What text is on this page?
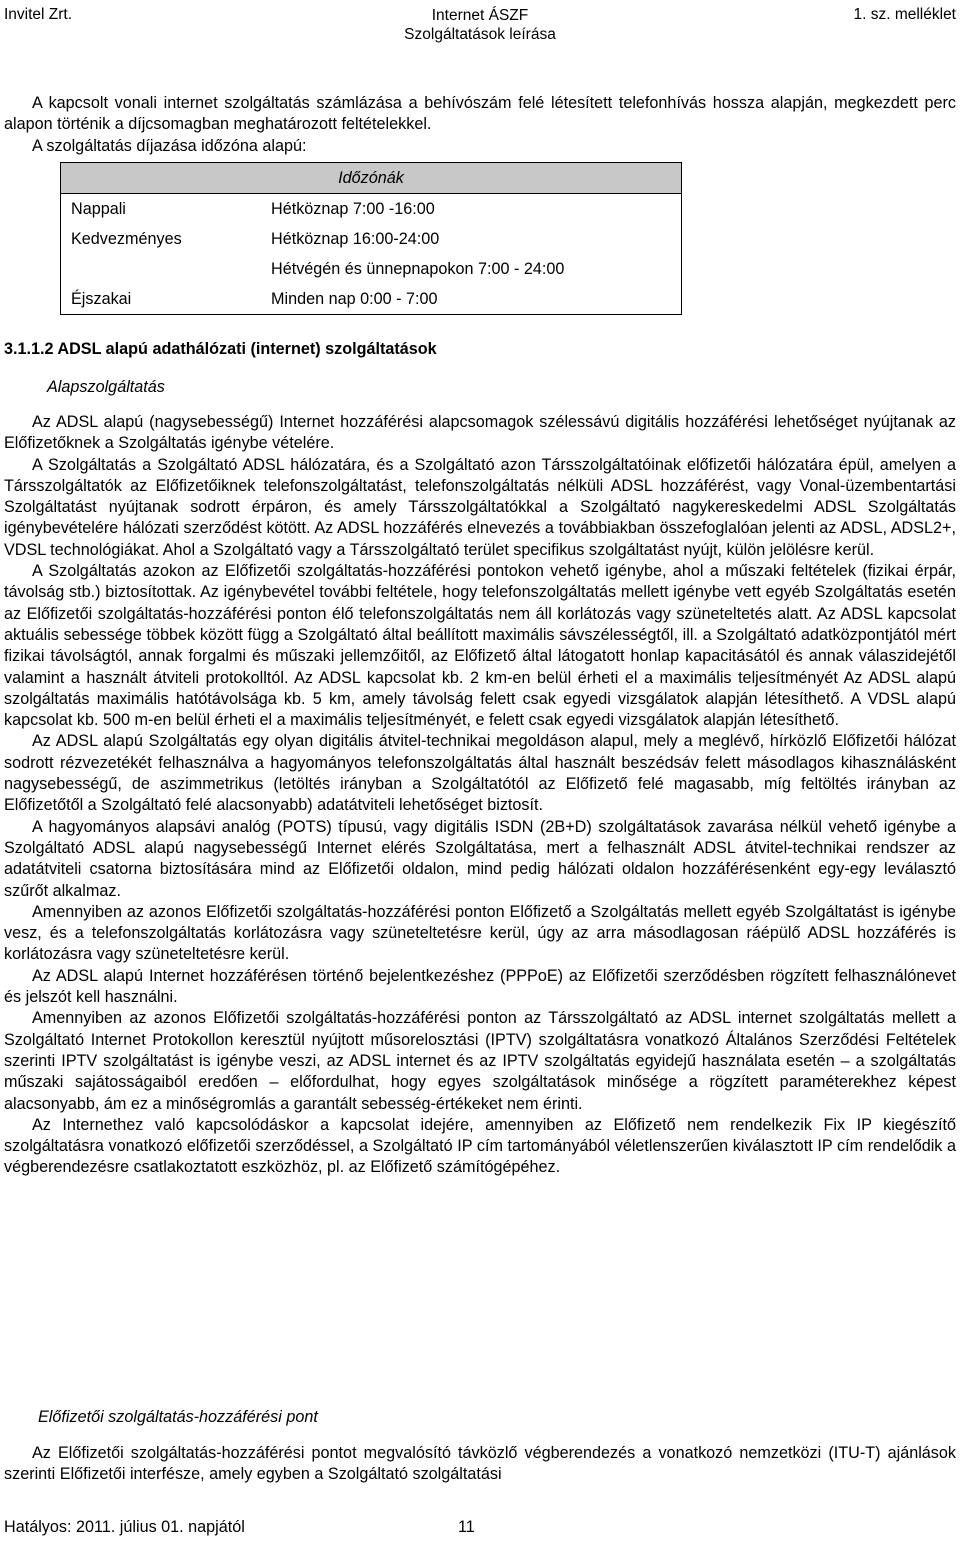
Invitel Zrt.	Internet ÁSZF
Szolgáltatások leírása
1. sz. melléklet

A kapcsolt vonali internet szolgáltatás számlázása a behívószám felé létesített telefonhívás hossza alapján, megkezdett perc alapon történik a díjcsomagban meghatározott feltételekkel.

A szolgáltatás díjazása időzóna alapú:

Időzónák	
Nappali	Hétköznap 7:00 -16:00
Kedvezményes	Hétköznap 16:00-24:00
	Hétvégén és ünnepnapokon 7:00 - 24:00
Éjszakai	Minden nap 0:00 - 7:00
3.1.1.2 ADSL alapú adathálózati (internet) szolgáltatások
Alapszolgáltatás

Az ADSL alapú (nagysebességű) Internet hozzáférési alapcsomagok szélessávú digitális hozzáférési lehetőséget nyújtanak az Előfizetőknek a Szolgáltatás igénybe vételére.

A Szolgáltatás a Szolgáltató ADSL hálózatára, és a Szolgáltató azon Társszolgáltatóinak előfizetői hálózatára épül, amelyen a Társszolgáltatók az Előfizetőiknek telefonszolgáltatást, telefonszolgáltatás nélküli ADSL hozzáférést, vagy Vonal-üzembentartási Szolgáltatást nyújtanak sodrott érpáron, és amely Társszolgáltatókkal a Szolgáltató nagykereskedelmi ADSL Szolgáltatás igénybevételére hálózati szerződést kötött. Az ADSL hozzáférés elnevezés a továbbiakban összefoglalóan jelenti az ADSL, ADSL2+, VDSL technológiákat. Ahol a Szolgáltató vagy a Társszolgáltató terület specifikus szolgáltatást nyújt, külön jelölésre kerül.

A Szolgáltatás azokon az Előfizetői szolgáltatás-hozzáférési pontokon vehető igénybe, ahol a műszaki feltételek (fizikai érpár, távolság stb.) biztosítottak. Az igénybevétel további feltétele, hogy telefonszolgáltatás mellett igénybe vett egyéb Szolgáltatás esetén az Előfizetői szolgáltatás-hozzáférési ponton élő telefonszolgáltatás nem áll korlátozás vagy szüneteltetés alatt. Az ADSL kapcsolat aktuális sebessége többek között függ a Szolgáltató által beállított maximális sávszélességtől, ill. a Szolgáltató adatközpontjától mért fizikai távolságtól, annak forgalmi és műszaki jellemzőitől, az Előfizető által látogatott honlap kapacitásától és annak válaszidejétől valamint a használt átviteli protokolltól. Az ADSL kapcsolat kb. 2 km-en belül érheti el a maximális teljesítményét Az ADSL alapú szolgáltatás maximális hatótávolsága kb. 5 km, amely távolság felett csak egyedi vizsgálatok alapján létesíthető. A VDSL alapú kapcsolat kb. 500 m-en belül érheti el a maximális teljesítményét, e felett csak egyedi vizsgálatok alapján létesíthető.

Az ADSL alapú Szolgáltatás egy olyan digitális átvitel-technikai megoldáson alapul, mely a meglévő, hírközlő Előfizetői hálózat sodrott rézvezetékét felhasználva a hagyományos telefonszolgáltatás által használt beszédsáv felett másodlagos kihasználásként nagysebességű, de aszimmetrikus (letöltés irányban a Szolgáltatótól az Előfizető felé magasabb, míg feltöltés irányban az Előfizetőtől a Szolgáltató felé alacsonyabb) adatátviteli lehetőséget biztosít.

A hagyományos alapsávi analóg (POTS) típusú, vagy digitális ISDN (2B+D) szolgáltatások zavarása nélkül vehető igénybe a Szolgáltató ADSL alapú nagysebességű Internet elérés Szolgáltatása, mert a felhasznált ADSL átvitel-technikai rendszer az adatátviteli csatorna biztosítására mind az Előfizetői oldalon, mind pedig hálózati oldalon hozzáférésenként egy-egy leválasztó szűrőt alkalmaz.

Amennyiben az azonos Előfizetői szolgáltatás-hozzáférési ponton Előfizető a Szolgáltatás mellett egyéb Szolgáltatást is igénybe vesz, és a telefonszolgáltatás korlátozásra vagy szüneteltetésre kerül, úgy az arra másodlagosan ráépülő ADSL hozzáférés is korlátozásra vagy szüneteltetésre kerül.

Az ADSL alapú Internet hozzáférésen történő bejelentkezéshez (PPPoE) az Előfizetői szerződésben rögzített felhasználónevet és jelszót kell használni.

Amennyiben az azonos Előfizetői szolgáltatás-hozzáférési ponton az Társszolgáltató az ADSL internet szolgáltatás mellett a Szolgáltató Internet Protokollon keresztül nyújtott műsorelosztási (IPTV) szolgáltatásra vonatkozó Általános Szerződési Feltételek szerinti IPTV szolgáltatást is igénybe veszi, az ADSL internet és az IPTV szolgáltatás egyidejű használata esetén – a szolgáltatás műszaki sajátosságaiból eredően – előfordulhat, hogy egyes szolgáltatások minősége a rögzített paraméterekhez képest alacsonyabb, ám ez a minőségromlás a garantált sebesség-értékeket nem érinti.

Az Internethez való kapcsolódáskor a kapcsolat idejére, amennyiben az Előfizető nem rendelkezik Fix IP kiegészítő szolgáltatásra vonatkozó előfizetői szerződéssel, a Szolgáltató IP cím tartományából véletlenszerűen kiválasztott IP cím rendelődik a végberendezésre csatlakoztatott eszközhöz, pl. az Előfizető számítógépéhez.

Előfizetői szolgáltatás-hozzáférési pont

Az Előfizetői szolgáltatás-hozzáférési pontot megvalósító távközlő végberendezés a vonatkozó nemzetközi (ITU-T) ajánlások szerinti Előfizetői interfésze, amely egyben a Szolgáltató szolgáltatási

Hatályos: 2011. július 01. napjától	11
